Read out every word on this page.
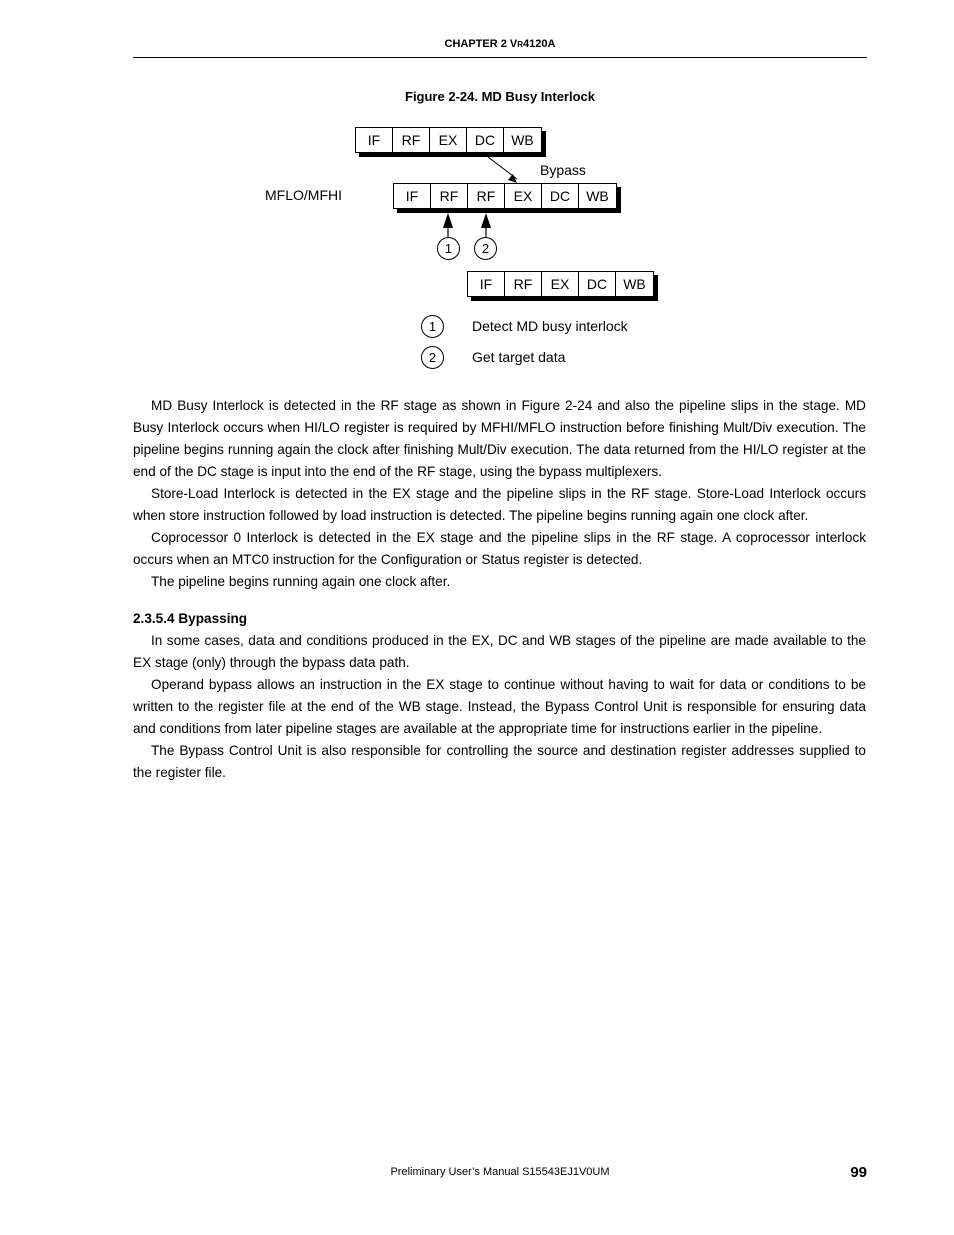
CHAPTER 2 VR4120A
Figure 2-24. MD Busy Interlock
IF	RF	EX	DC	WB
Bypass
MFLO/MFHI	IF	RF	RF	EX	DC	WB
1	2
IF	RF	EX	DC	WB
1	Detect MD busy interlock
2	Get target data

MD Busy Interlock is detected in the RF stage as shown in Figure 2-24 and also the pipeline slips in the stage. MD Busy Interlock occurs when HI/LO register is required by MFHI/MFLO instruction before finishing Mult/Div execution. The pipeline begins running again the clock after finishing Mult/Div execution. The data returned from the HI/LO register at the end of the DC stage is input into the end of the RF stage, using the bypass multiplexers.

Store-Load Interlock is detected in the EX stage and the pipeline slips in the RF stage. Store-Load Interlock occurs when store instruction followed by load instruction is detected. The pipeline begins running again one clock after.

Coprocessor 0 Interlock is detected in the EX stage and the pipeline slips in the RF stage. A coprocessor interlock occurs when an MTC0 instruction for the Configuration or Status register is detected.

The pipeline begins running again one clock after.

2.3.5.4 Bypassing

In some cases, data and conditions produced in the EX, DC and WB stages of the pipeline are made available to the EX stage (only) through the bypass data path.

Operand bypass allows an instruction in the EX stage to continue without having to wait for data or conditions to be written to the register file at the end of the WB stage. Instead, the Bypass Control Unit is responsible for ensuring data and conditions from later pipeline stages are available at the appropriate time for instructions earlier in the pipeline.

The Bypass Control Unit is also responsible for controlling the source and destination register addresses supplied to the register file.

Preliminary User’s Manual S15543EJ1V0UM	99
